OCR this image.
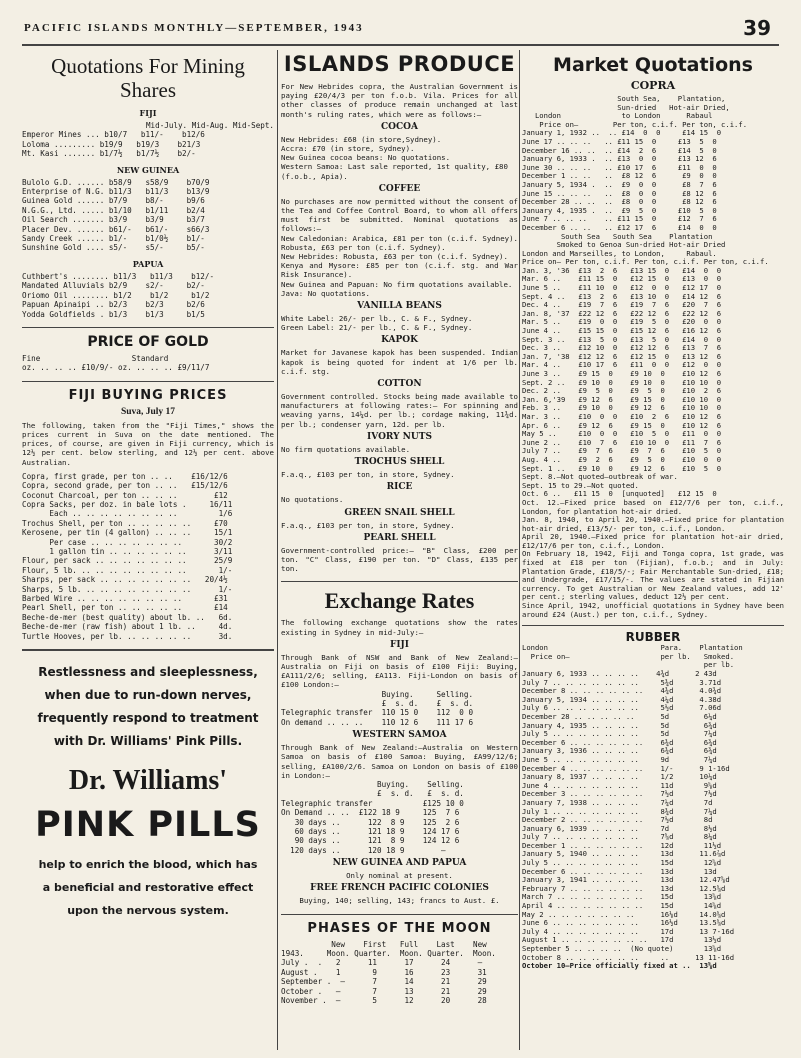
PACIFIC ISLANDS MONTHLY—SEPTEMBER, 1943	39
Quotations For Mining
Shares
FIJI
Mid-July. Mid-Aug. Mid-Sept.
Emperor Mines ... b10/7   b11/-    b12/6
Loloma ......... b19/9   b19/3    b21/3
Mt. Kasi ....... b1/7½   b1/7½    b2/-
NEW GUINEA
Bulolo G.D. ...... b58/9   s58/9    b70/9
Enterprise of N.G. b11/3   b11/3    b13/9
Guinea Gold ...... b7/9    b8/-     b9/6
N.G.G., Ltd. ..... b1/10   b1/11    b2/4
Oil Search ....... b3/9    b3/9     b3/7
Placer Dev. ...... b61/-   b61/-    s66/3
Sandy Creek ...... b1/-    b1/0½    b1/-
Sunshine Gold .... s5/-    s5/-     b5/-
PAPUA
Cuthbert's ........ b11/3   b11/3    b12/-
Mandated Alluvials b2/9    s2/-     b2/-
Oriomo Oil ........ b1/2    b1/2     b1/2
Papuan Apinaipi .. b2/3    b2/3     b2/6
Yodda Goldfields . b1/3    b1/3     b1/5
PRICE OF GOLD
Fine                    Standard
oz. .. .. .. £10/9/- oz. .. .. .. £9/11/7
FIJI BUYING PRICES
Suva, July 17
The following, taken from the "Fiji Times," shows the prices current in Suva on the date mentioned. The prices, of course, are given in Fiji currency, which is 12½ per cent. below sterling, and 12½ per cent. above Australian.
Copra, first grade, per ton .. ..    £16/12/6
Copra, second grade, per ton .. ..   £15/12/6
Coconut Charcoal, per ton .. .. ..        £12
Copra Sacks, per doz. in bale lots .     16/11
Each .. .. .. .. .. .. .. ..         1/6
Trochus Shell, per ton .. .. .. .. ..     £70
Kerosene, per tin (4 gallon) .. .. ..     15/1
Per case .. .. .. .. .. .. ..       30/2
1 gallon tin .. .. .. .. .. ..      3/11
Flour, per sack .. .. .. .. .. .. ..      25/9
Flour, 5 lb. .. .. .. .. .. .. .. ..       1/-
Sharps, per sack .. .. .. .. .. .. ..   20/4½
Sharps, 5 lb. .. .. .. .. .. .. .. ..      1/-
Barbed Wire .. .. .. .. .. .. .. ..       £31
Pearl Shell, per ton .. .. .. .. ..       £14
Beche-de-mer (best quality) about lb. ..   6d.
Beche-de-mer (raw fish) about 1 lb. ..     4d.
Turtle Hooves, per lb. .. .. .. .. ..      3d.
Restlessness and sleeplessness,
when due to run-down nerves,
frequently respond to treatment
with Dr. Williams' Pink Pills.
Dr. Williams'
PINK PILLS
help to enrich the blood, which has
a beneficial and restorative effect
upon the nervous system.
ISLANDS PRODUCE
For New Hebrides copra, the Australian Government is paying £20/4/3 per ton f.o.b. Vila. Prices for all other classes of produce remain unchanged at last month's ruling rates, which were as follows:—
COCOA
New Hebrides: £68 (in store,Sydney).
Accra: £70 (in store, Sydney).
New Guinea cocoa beans: No quotations.
Western Samoa: Last sale reported, 1st quality, £80 (f.o.b., Apia).
COFFEE
No purchases are now permitted without the consent of the Tea and Coffee Control Board, to whom all offers must first be submitted. Nominal quotations as follows:—
New Caledonian: Arabica, £81 per ton (c.i.f. Sydney). Robusta, £63 per ton (c.i.f. Sydney).
New Hebrides: Robusta, £63 per ton (c.i.f. Sydney).
Kenya and Mysore: £85 per ton (c.i.f. stg. and War Risk Insurance).
New Guinea and Papuan: No firm quotations available.
Java: No quotations.
VANILLA BEANS
White Label: 26/- per lb., C. & F., Sydney.
Green Label: 21/- per lb., C. & F., Sydney.
KAPOK
Market for Javanese kapok has been suspended. Indian kapok is being quoted for indent at 1/6 per lb. c.i.f. stg.
COTTON
Government controlled. Stocks being made available to manufacturers at following rates:— For spinning and weaving yarns, 14¼d. per lb.; cordage making, 11¾d. per lb.; condenser yarn, 12d. per lb.
IVORY NUTS
No firm quotations available.
TROCHUS SHELL
F.a.q., £103 per ton, in store, Sydney.
RICE
No quotations.
GREEN SNAIL SHELL
F.a.q., £103 per ton, in store, Sydney.
PEARL SHELL
Government-controlled price:— "B" Class, £200 per ton. "C" Class, £190 per ton. "D" Class, £135 per ton.
Exchange Rates
The following exchange quotations show the rates existing in Sydney in mid-July:—
FIJI
Through Bank of NSW and Bank of New Zealand:—Australia on Fiji on basis of £100 Fiji: Buying, £A111/2/6; selling, £A113. Fiji-London on basis of £100 London:—
Buying.     Selling.
£  s. d.    £  s. d.
Telegraphic transfer  110 15 0    112  0 0
On demand .. .. ..    110 12 6    111 17 6
WESTERN SAMOA
Through Bank of New Zealand:—Australia on Western Samoa on basis of £100 Samoa: Buying, £A99/12/6; selling, £A100/2/6. Samoa on London on basis of £100 in London:—
Buying.    Selling.
£  s. d.   £  s. d.
Telegraphic transfer           £125 10 0
On Demand .. ..  £122 18 9     125  7 6
30 days ..      122  8 9    125  2 6
60 days ..      121 18 9    124 17 6
90 days ..      121  8 9    124 12 6
120 days ..      120 18 9        —
NEW GUINEA AND PAPUA
Only nominal at present.
FREE FRENCH PACIFIC COLONIES
Buying, 140; selling, 143; francs to Aust. £.
PHASES OF THE MOON
New    First   Full    Last    New
1943.     Moon. Quarter.  Moon. Quarter.  Moon.
July .  .   2      11      17      24      —
August .    1       9      16      23      31
September .  —      7      14      21      29
October .   —       7      13      21      29
November .  —       5      12      20      28
Market Quotations
COPRA
South Sea,    Plantation,
Sun-dried   Hot-air Dried,
London              to London      Rabaul
Price on—        Per ton, c.i.f. Per ton, c.i.f.
January 1, 1932 ..  .. £14  0  0     £14 15  0
June 17 .. .. ..   .. £11 15  0     £13  5  0
December 16 .. ..  .. £14  2  6     £14  5  0
January 6, 1933 .  .. £13  0  0     £13 12  6
June 30 .. .. ..   .. £10 17  6     £11  0  0
December 1 .. ..   ..  £8 12  6      £9  0  0
January 5, 1934 .  ..  £9  0  0      £8  7  6
June 15 .. .. ..   ..  £8  0  0      £8 12  6
December 28 .. ..  ..  £8  0  0      £8 12  6
January 4, 1935 .  ..  £9  5  0     £10  5  0
June 7 .. .. ..    .. £11 15  0     £12  7  6
December 6 .. ..   .. £12 17  6     £14  0  0
South Sea   South Sea    Plantation
Smoked to Genoa Sun-dried Hot-air Dried
London and Marseilles, to London,     Rabaul.
Price on— Per ton, c.i.f. Per ton, c.i.f. Per ton, c.i.f.
Jan. 3, '36  £13  2  6   £13 15  0   £14  0  0
Mar. 6 ..    £11 15  0   £12 15  0   £13  0  0
June 5 ..    £11 10  0   £12  0  0   £12 17  0
Sept. 4 ..   £13  2  6   £13 10  0   £14 12  6
Dec. 4 ..    £19  7  6   £19  7  6   £20  7  6
Jan. 8, '37  £22 12  6   £22 12  6   £22 12  6
Mar. 5 ..    £19  0  0   £19  5  0   £20  0  0
June 4 ..    £15 15  0   £15 12  6   £16 12  6
Sept. 3 ..   £13  5  0   £13  5  0   £14  0  0
Dec. 3 ..    £12 10  0   £12 12  6   £13  7  6
Jan. 7, '38  £12 12  6   £12 15  0   £13 12  6
Mar. 4 ..    £10 17  6   £11  0  0   £12  0  0
June 3 ..    £9 15  0    £9 10  0    £10 12  6
Sept. 2 ..   £9 10  0    £9 10  0    £10 10  0
Dec. 2 ..    £9  5  0    £9  5  0    £10  2  6
Jan. 6,'39   £9 12  6    £9 15  0    £10 10  0
Feb. 3 ..    £9 10  0    £9 12  6    £10 10  0
Mar. 3 ..    £10  0  0   £10  2  6   £10 12  6
Apr. 6 ..    £9 12  6    £9 15  0    £10 12  6
May 5 ..     £10  0  0   £10  5  0   £11  0  0
June 2 ..    £10  7  6   £10 10  0   £11  7  6
July 7 ..    £9  7  6    £9  7  6    £10  5  0
Aug. 4 ..    £9  2  6    £9  5  0    £10  0  0
Sept. 1 ..   £9 10  0    £9 12  6    £10  5  0
Sept. 8.—Not quoted—outbreak of war.
Sept. 15 to 29.—Not quoted.
Oct. 6 ..   £11 15  0  [unquoted]   £12 15  0
Oct. 12.—Fixed price based on £12/7/6 per ton, c.i.f., London, for plantation hot-air dried.
Jan. 8, 1940, to April 20, 1940.—Fixed price for plantation hot-air dried, £13/5/- per ton, c.i.f., London.
April 20, 1940.—Fixed price for plantation hot-air dried, £12/17/6 per ton, c.i.f., London.
On February 18, 1942, Fiji and Tonga copra, 1st grade, was fixed at £18 per ton (Fijian), f.o.b.; and in July: Plantation Grade, £18/5/-; Fair Merchantable Sun-dried, £18; and Undergrade, £17/15/-. The values are stated in Fijian currency. To get Australian or New Zealand values, add 12' per cent.; sterling values, deduct 12½ per cent.
Since April, 1942, unofficial quotations in Sydney have been around £24 (Aust.) per ton, c.i.f., Sydney.
RUBBER
London                          Para.    Plantation
Price on—                     per lb.   Smoked.
per lb.
January 6, 1933 .. .. .. ..    4¾d      2 43d
July 7 .. .. .. .. .. .. ..     5¾d      3.71d
December 8 .. .. .. .. .. ..    4¾d      4.0¾d
January 5, 1934 .. .. .. ..     4¼d      4.38d
July 6 .. .. .. .. .. .. ..     5½d      7.06d
December 28 .. .. .. .. ..      5d        6¼d
January 4, 1935 .. .. .. ..     5d        6¾d
July 5 .. .. .. .. .. .. ..     5d        7¼d
December 6 .. .. .. .. .. ..    6¾d       6¾d
January 3, 1936 .. .. .. ..     6¾d       6¾d
June 5 .. .. .. .. .. .. ..     9d        7¼d
December 4 .. .. .. .. .. ..    1/-      9 1-16d
January 8, 1937 .. .. .. ..     1/2      10¼d
June 4 .. .. .. .. .. .. ..     11d       9⅝d
December 3 .. .. .. .. .. ..    7½d       7½d
January 7, 1938 .. .. .. ..     7¼d       7d
July 1 .. .. .. .. .. .. ..     8¾d       7¼d
December 2 .. .. .. .. .. ..    7½d       8d
January 6, 1939 .. .. .. ..     7d        8½d
July 7 .. .. .. .. .. .. ..     7⅝d       8¼d
December 1 .. .. .. .. .. ..    12d       11½d
January 5, 1940 .. .. .. ..     13d      11.6⅞d
July 5 .. .. .. .. .. .. ..     15d       12⅝d
December 6 .. .. .. .. .. ..    13d       13d
January 3, 1941 .. .. .. ..     13d      12.47⅝d
February 7 .. .. .. .. .. ..    13d      12.5⅝d
March 7 .. .. .. .. .. .. ..    15d       13⅝d
April 4 .. .. .. .. .. .. ..    15d       14⅝d
May 2 .. .. .. .. .. .. ..      16⅛d     14.0⅝d
June 6 .. .. .. .. .. .. ..     16½d     13.5⅝d
July 4 .. .. .. .. .. .. ..     17d      13 7-16d
August 1 .. .. .. .. .. .. ..   17d       13½d
September 5 .. .. .. ..  (No quote)       13⅝d
October 8 .. .. .. .. .. ..     ..      13 11-16d
October 10—Price officially fixed at ..  13⅝d
